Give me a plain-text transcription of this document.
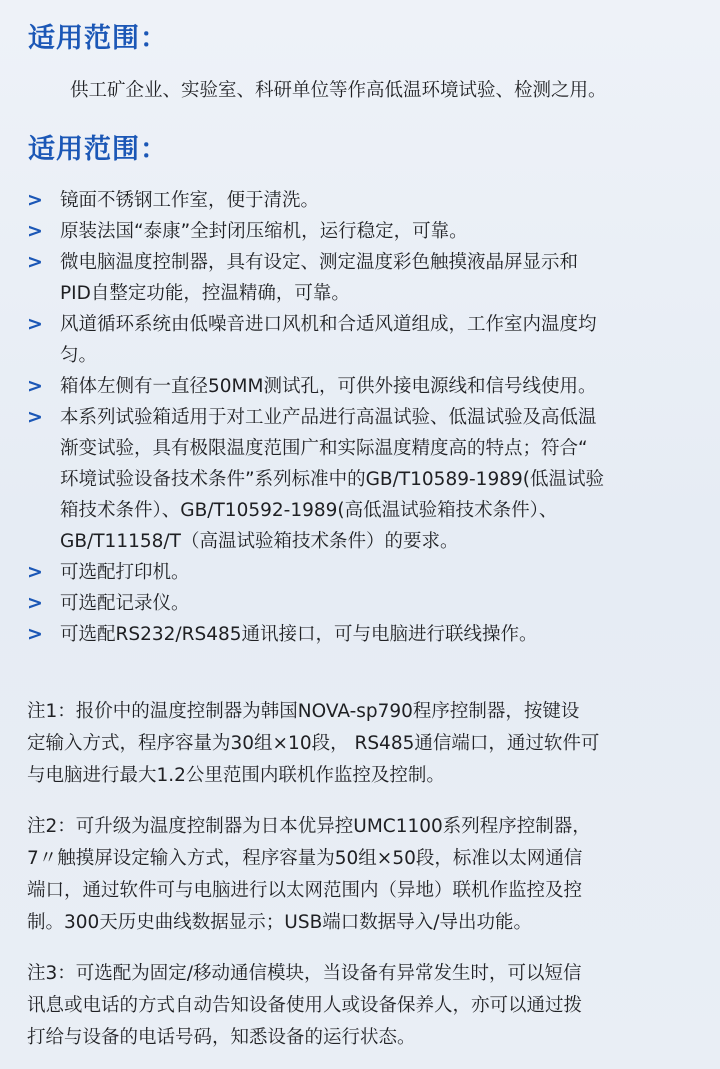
适用范围：

供工矿企业、实验室、科研单位等作高低温环境试验、检测之用。

适用范围：
> 镜面不锈钢工作室，便于清洗。
> 原装法国“泰康”全封闭压缩机，运行稳定，可靠。
> 微电脑温度控制器，具有设定、测定温度彩色触摸液晶屏显示和
PID自整定功能，控温精确，可靠。
> 风道循环系统由低噪音进口风机和合适风道组成，工作室内温度均
匀。
> 箱体左侧有一直径50MM测试孔，可供外接电源线和信号线使用。
> 本系列试验箱适用于对工业产品进行高温试验、低温试验及高低温
渐变试验，具有极限温度范围广和实际温度精度高的特点；符合“
环境试验设备技术条件”系列标准中的GB/T10589-1989(低温试验
箱技术条件）、GB/T10592-1989(高低温试验箱技术条件）、
GB/T11158/T（高温试验箱技术条件）的要求。
> 可选配打印机。
> 可选配记录仪。
> 可选配RS232/RS485通讯接口，可与电脑进行联线操作。

注1：报价中的温度控制器为韩国NOVA-sp790程序控制器，按键设
定输入方式，程序容量为30组×10段， RS485通信端口，通过软件可
与电脑进行最大1.2公里范围内联机作监控及控制。

注2：可升级为温度控制器为日本优异控UMC1100系列程序控制器，
7〃触摸屏设定输入方式，程序容量为50组×50段，标准以太网通信
端口，通过软件可与电脑进行以太网范围内（异地）联机作监控及控
制。300天历史曲线数据显示；USB端口数据导入/导出功能。

注3：可选配为固定/移动通信模块，当设备有异常发生时，可以短信
讯息或电话的方式自动告知设备使用人或设备保养人，亦可以通过拨
打给与设备的电话号码，知悉设备的运行状态。
